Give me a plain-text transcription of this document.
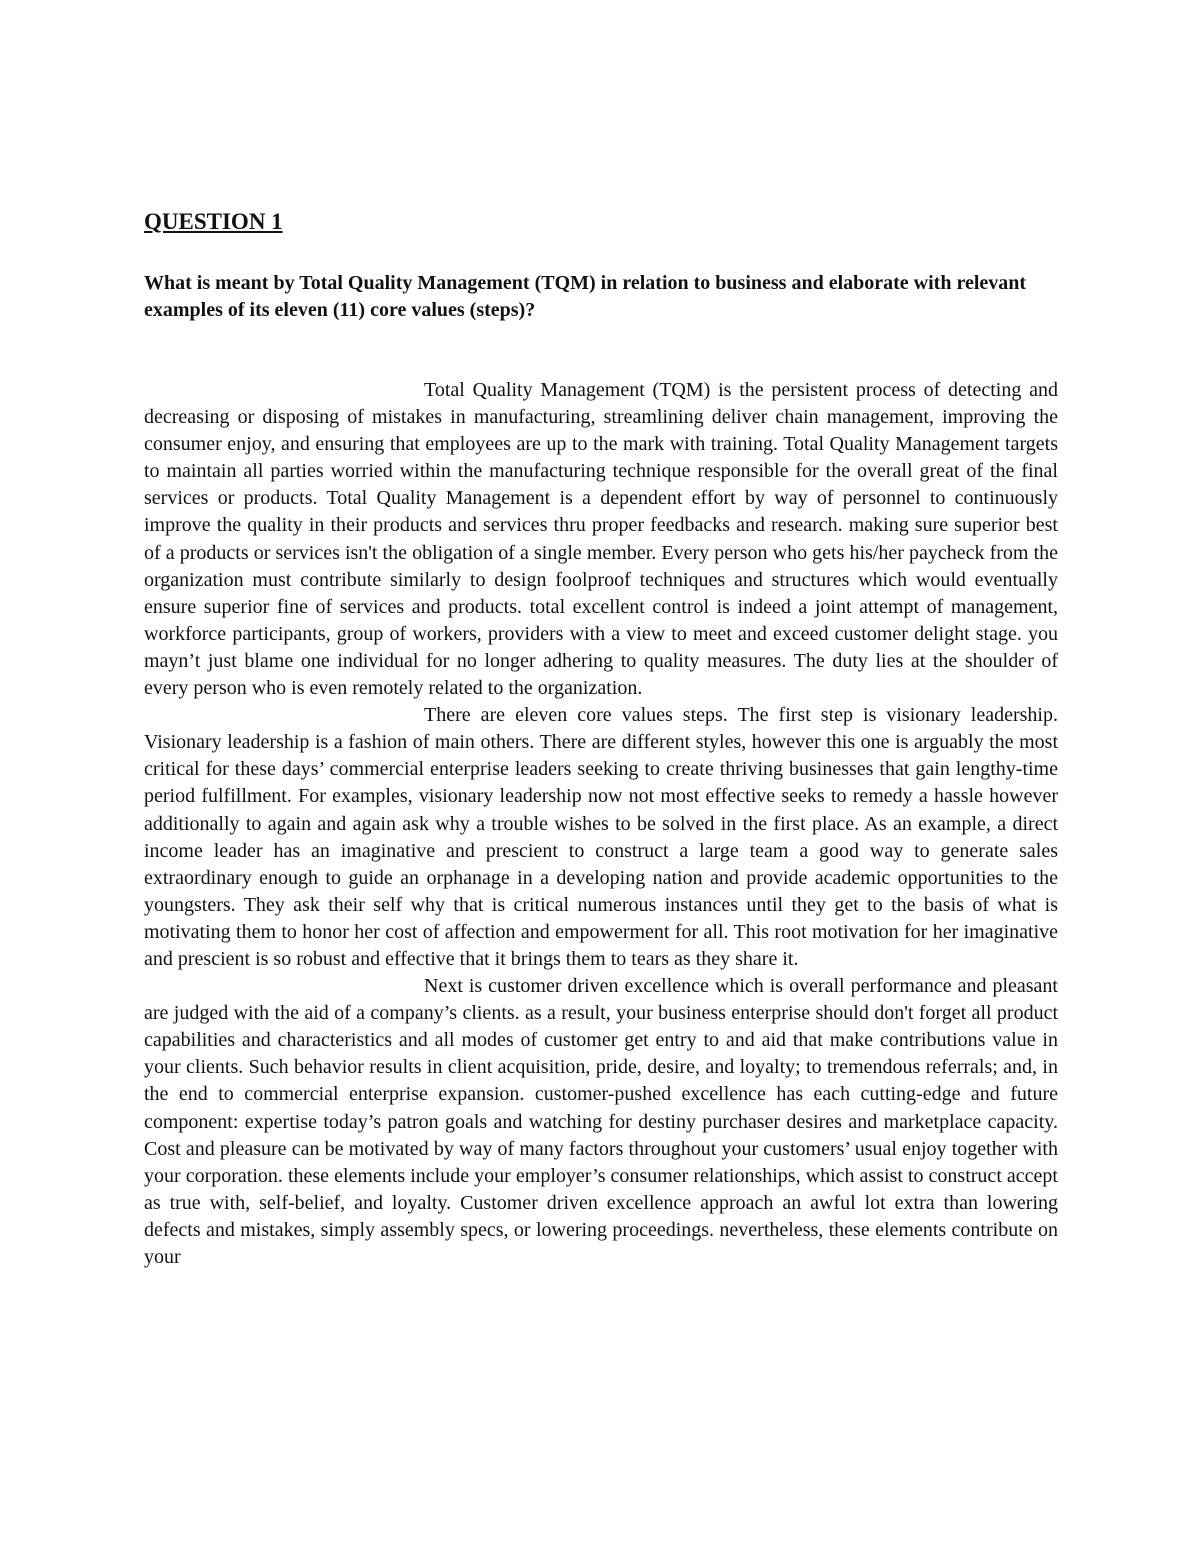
QUESTION 1

What is meant by Total Quality Management (TQM) in relation to business and elaborate with relevant examples of its eleven (11) core values (steps)?

Total Quality Management (TQM) is the persistent process of detecting and decreasing or disposing of mistakes in manufacturing, streamlining deliver chain management, improving the consumer enjoy, and ensuring that employees are up to the mark with training. Total Quality Management targets to maintain all parties worried within the manufacturing technique responsible for the overall great of the final services or products. Total Quality Management is a dependent effort by way of personnel to continuously improve the quality in their products and services thru proper feedbacks and research. making sure superior best of a products or services isn't the obligation of a single member. Every person who gets his/her paycheck from the organization must contribute similarly to design foolproof techniques and structures which would eventually ensure superior fine of services and products. total excellent control is indeed a joint attempt of management, workforce participants, group of workers, providers with a view to meet and exceed customer delight stage. you mayn’t just blame one individual for no longer adhering to quality measures. The duty lies at the shoulder of every person who is even remotely related to the organization.

There are eleven core values steps. The first step is visionary leadership. Visionary leadership is a fashion of main others. There are different styles, however this one is arguably the most critical for these days’ commercial enterprise leaders seeking to create thriving businesses that gain lengthy-time period fulfillment. For examples, visionary leadership now not most effective seeks to remedy a hassle however additionally to again and again ask why a trouble wishes to be solved in the first place. As an example, a direct income leader has an imaginative and prescient to construct a large team a good way to generate sales extraordinary enough to guide an orphanage in a developing nation and provide academic opportunities to the youngsters. They ask their self why that is critical numerous instances until they get to the basis of what is motivating them to honor her cost of affection and empowerment for all. This root motivation for her imaginative and prescient is so robust and effective that it brings them to tears as they share it.

Next is customer driven excellence which is overall performance and pleasant are judged with the aid of a company’s clients. as a result, your business enterprise should don't forget all product capabilities and characteristics and all modes of customer get entry to and aid that make contributions value in your clients. Such behavior results in client acquisition, pride, desire, and loyalty; to tremendous referrals; and, in the end to commercial enterprise expansion. customer-pushed excellence has each cutting-edge and future component: expertise today’s patron goals and watching for destiny purchaser desires and marketplace capacity. Cost and pleasure can be motivated by way of many factors throughout your customers’ usual enjoy together with your corporation. these elements include your employer’s consumer relationships, which assist to construct accept as true with, self-belief, and loyalty. Customer driven excellence approach an awful lot extra than lowering defects and mistakes, simply assembly specs, or lowering proceedings. nevertheless, these elements contribute on your
